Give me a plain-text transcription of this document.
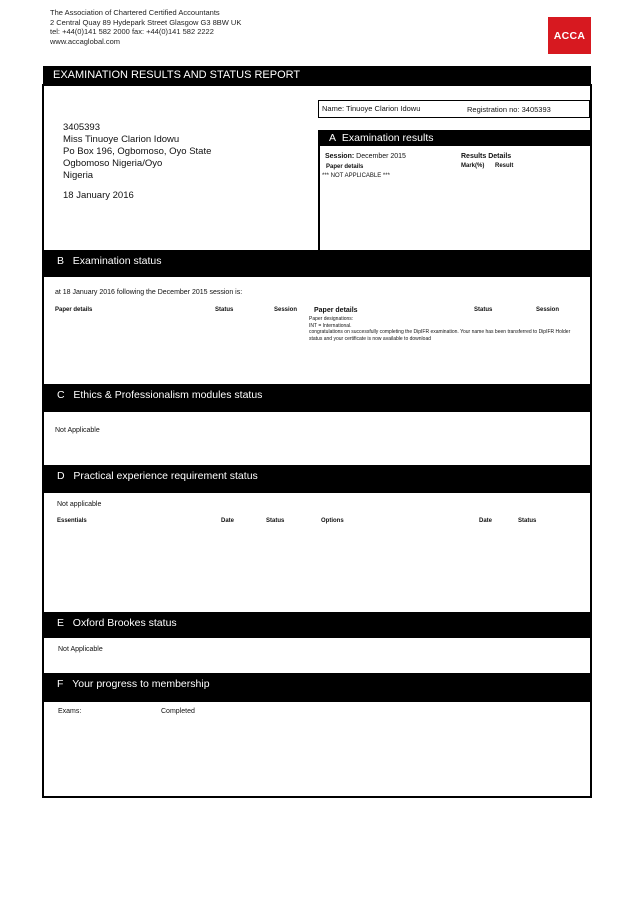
The Association of Chartered Certified Accountants
2 Central Quay 89 Hydepark Street Glasgow G3 8BW UK
tel: +44(0)141 582 2000 fax: +44(0)141 582 2222
www.accaglobal.com	ACCA
EXAMINATION RESULTS AND STATUS REPORT
Name: Tinuoye Clarion Idowu	Registration no: 3405393
3405393
Miss Tinuoye Clarion Idowu
Po Box 196, Ogbomoso, Oyo State
Ogbomoso Nigeria/Oyo
Nigeria
18 January 2016
A Examination results
Session: December 2015	Results Details
Paper details	Mark(%) Result
*** NOT APPLICABLE ***
B Examination status
at 18 January 2016 following the December 2015 session is:
Paper details	Status	Session Paper details	Status	Session
Paper designations:
INT = International.
congratulations on successfully completing the DipIFR examination. Your name has been transferred to DipIFR Holder
status and your certificate is now available to download
C Ethics & Professionalism modules status
Not Applicable
D Practical experience requirement status
Not applicable
Essentials	Date	Status	Options	Date	Status
E Oxford Brookes status
Not Applicable
F Your progress to membership
Exams:	Completed
